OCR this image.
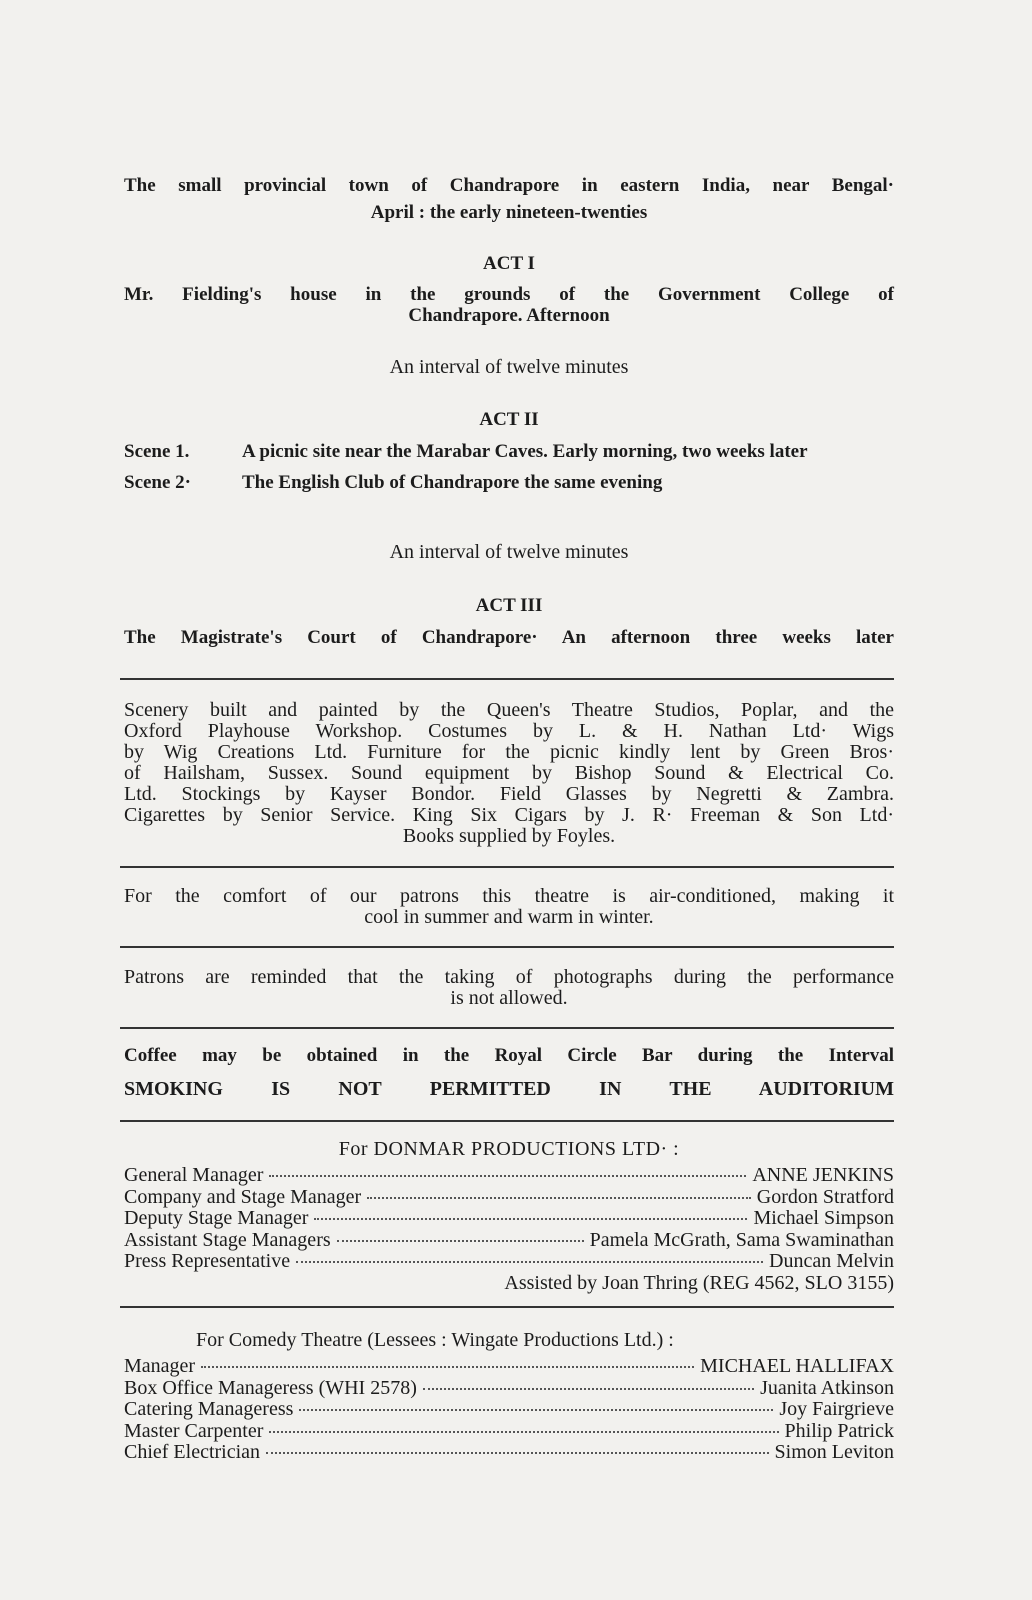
The small provincial town of Chandrapore in eastern India, near Bengal·
April : the early nineteen-twenties
ACT I
Mr. Fielding's house in the grounds of the Government College of
Chandrapore. Afternoon
An interval of twelve minutes
ACT II
Scene 1.	A picnic site near the Marabar Caves. Early morning, two weeks later
Scene 2·	The English Club of Chandrapore the same evening
An interval of twelve minutes
ACT III
The Magistrate's Court of Chandrapore· An afternoon three weeks later
Scenery built and painted by the Queen's Theatre Studios, Poplar, and the
Oxford Playhouse Workshop. Costumes by L. & H. Nathan Ltd· Wigs
by Wig Creations Ltd. Furniture for the picnic kindly lent by Green Bros·
of Hailsham, Sussex. Sound equipment by Bishop Sound & Electrical Co.
Ltd. Stockings by Kayser Bondor. Field Glasses by Negretti & Zambra.
Cigarettes by Senior Service. King Six Cigars by J. R· Freeman & Son Ltd·
Books supplied by Foyles.
For the comfort of our patrons this theatre is air-conditioned, making it
cool in summer and warm in winter.
Patrons are reminded that the taking of photographs during the performance
is not allowed.
Coffee may be obtained in the Royal Circle Bar during the Interval
SMOKING IS NOT PERMITTED IN THE AUDITORIUM
For DONMAR PRODUCTIONS LTD· :
General Manager	ANNE JENKINS
Company and Stage Manager	Gordon Stratford
Deputy Stage Manager	Michael Simpson
Assistant Stage Managers	Pamela McGrath, Sama Swaminathan
Press Representative	Duncan Melvin
Assisted by Joan Thring (REG 4562, SLO 3155)
For Comedy Theatre (Lessees : Wingate Productions Ltd.) :
Manager	MICHAEL HALLIFAX
Box Office Manageress (WHI 2578)	Juanita Atkinson
Catering Manageress	Joy Fairgrieve
Master Carpenter	Philip Patrick
Chief Electrician	Simon Leviton
